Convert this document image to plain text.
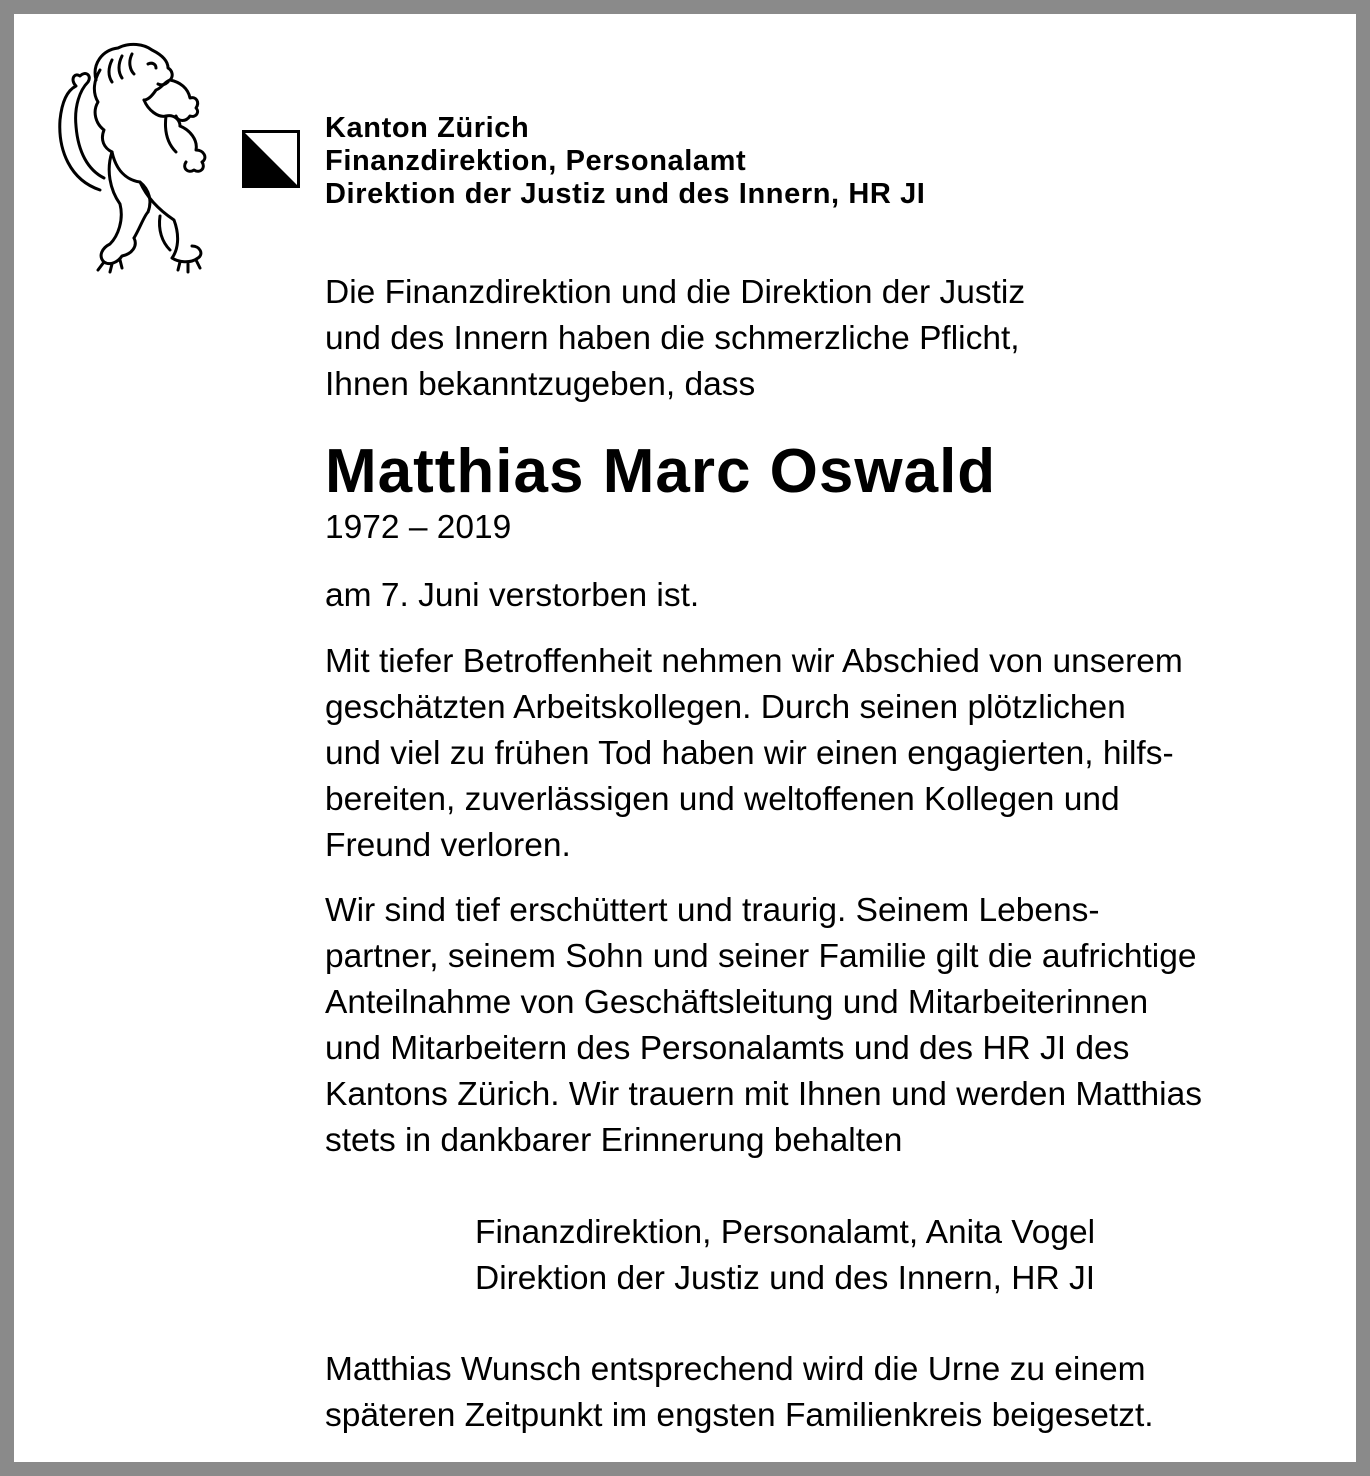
Kanton Zürich
Finanzdirektion, Personalamt
Direktion der Justiz und des Innern, HR JI
Die Finanzdirektion und die Direktion der Justiz
und des Innern haben die schmerzliche Pflicht,
Ihnen bekanntzugeben, dass
Matthias Marc Oswald
1972 – 2019
am 7. Juni verstorben ist.
Mit tiefer Betroffenheit nehmen wir Abschied von unserem
geschätzten Arbeitskollegen. Durch seinen plötzlichen
und viel zu frühen Tod haben wir einen engagierten, hilfs-
bereiten, zuverlässigen und weltoffenen Kollegen und
Freund verloren.
Wir sind tief erschüttert und traurig. Seinem Lebens-
partner, seinem Sohn und seiner Familie gilt die aufrichtige
Anteilnahme von Geschäftsleitung und Mitarbeiterinnen
und Mitarbeitern des Personalamts und des HR JI des
Kantons Zürich. Wir trauern mit Ihnen und werden Matthias
stets in dankbarer Erinnerung behalten
Finanzdirektion, Personalamt, Anita Vogel
Direktion der Justiz und des Innern, HR JI
Matthias Wunsch entsprechend wird die Urne zu einem
späteren Zeitpunkt im engsten Familienkreis beigesetzt.
